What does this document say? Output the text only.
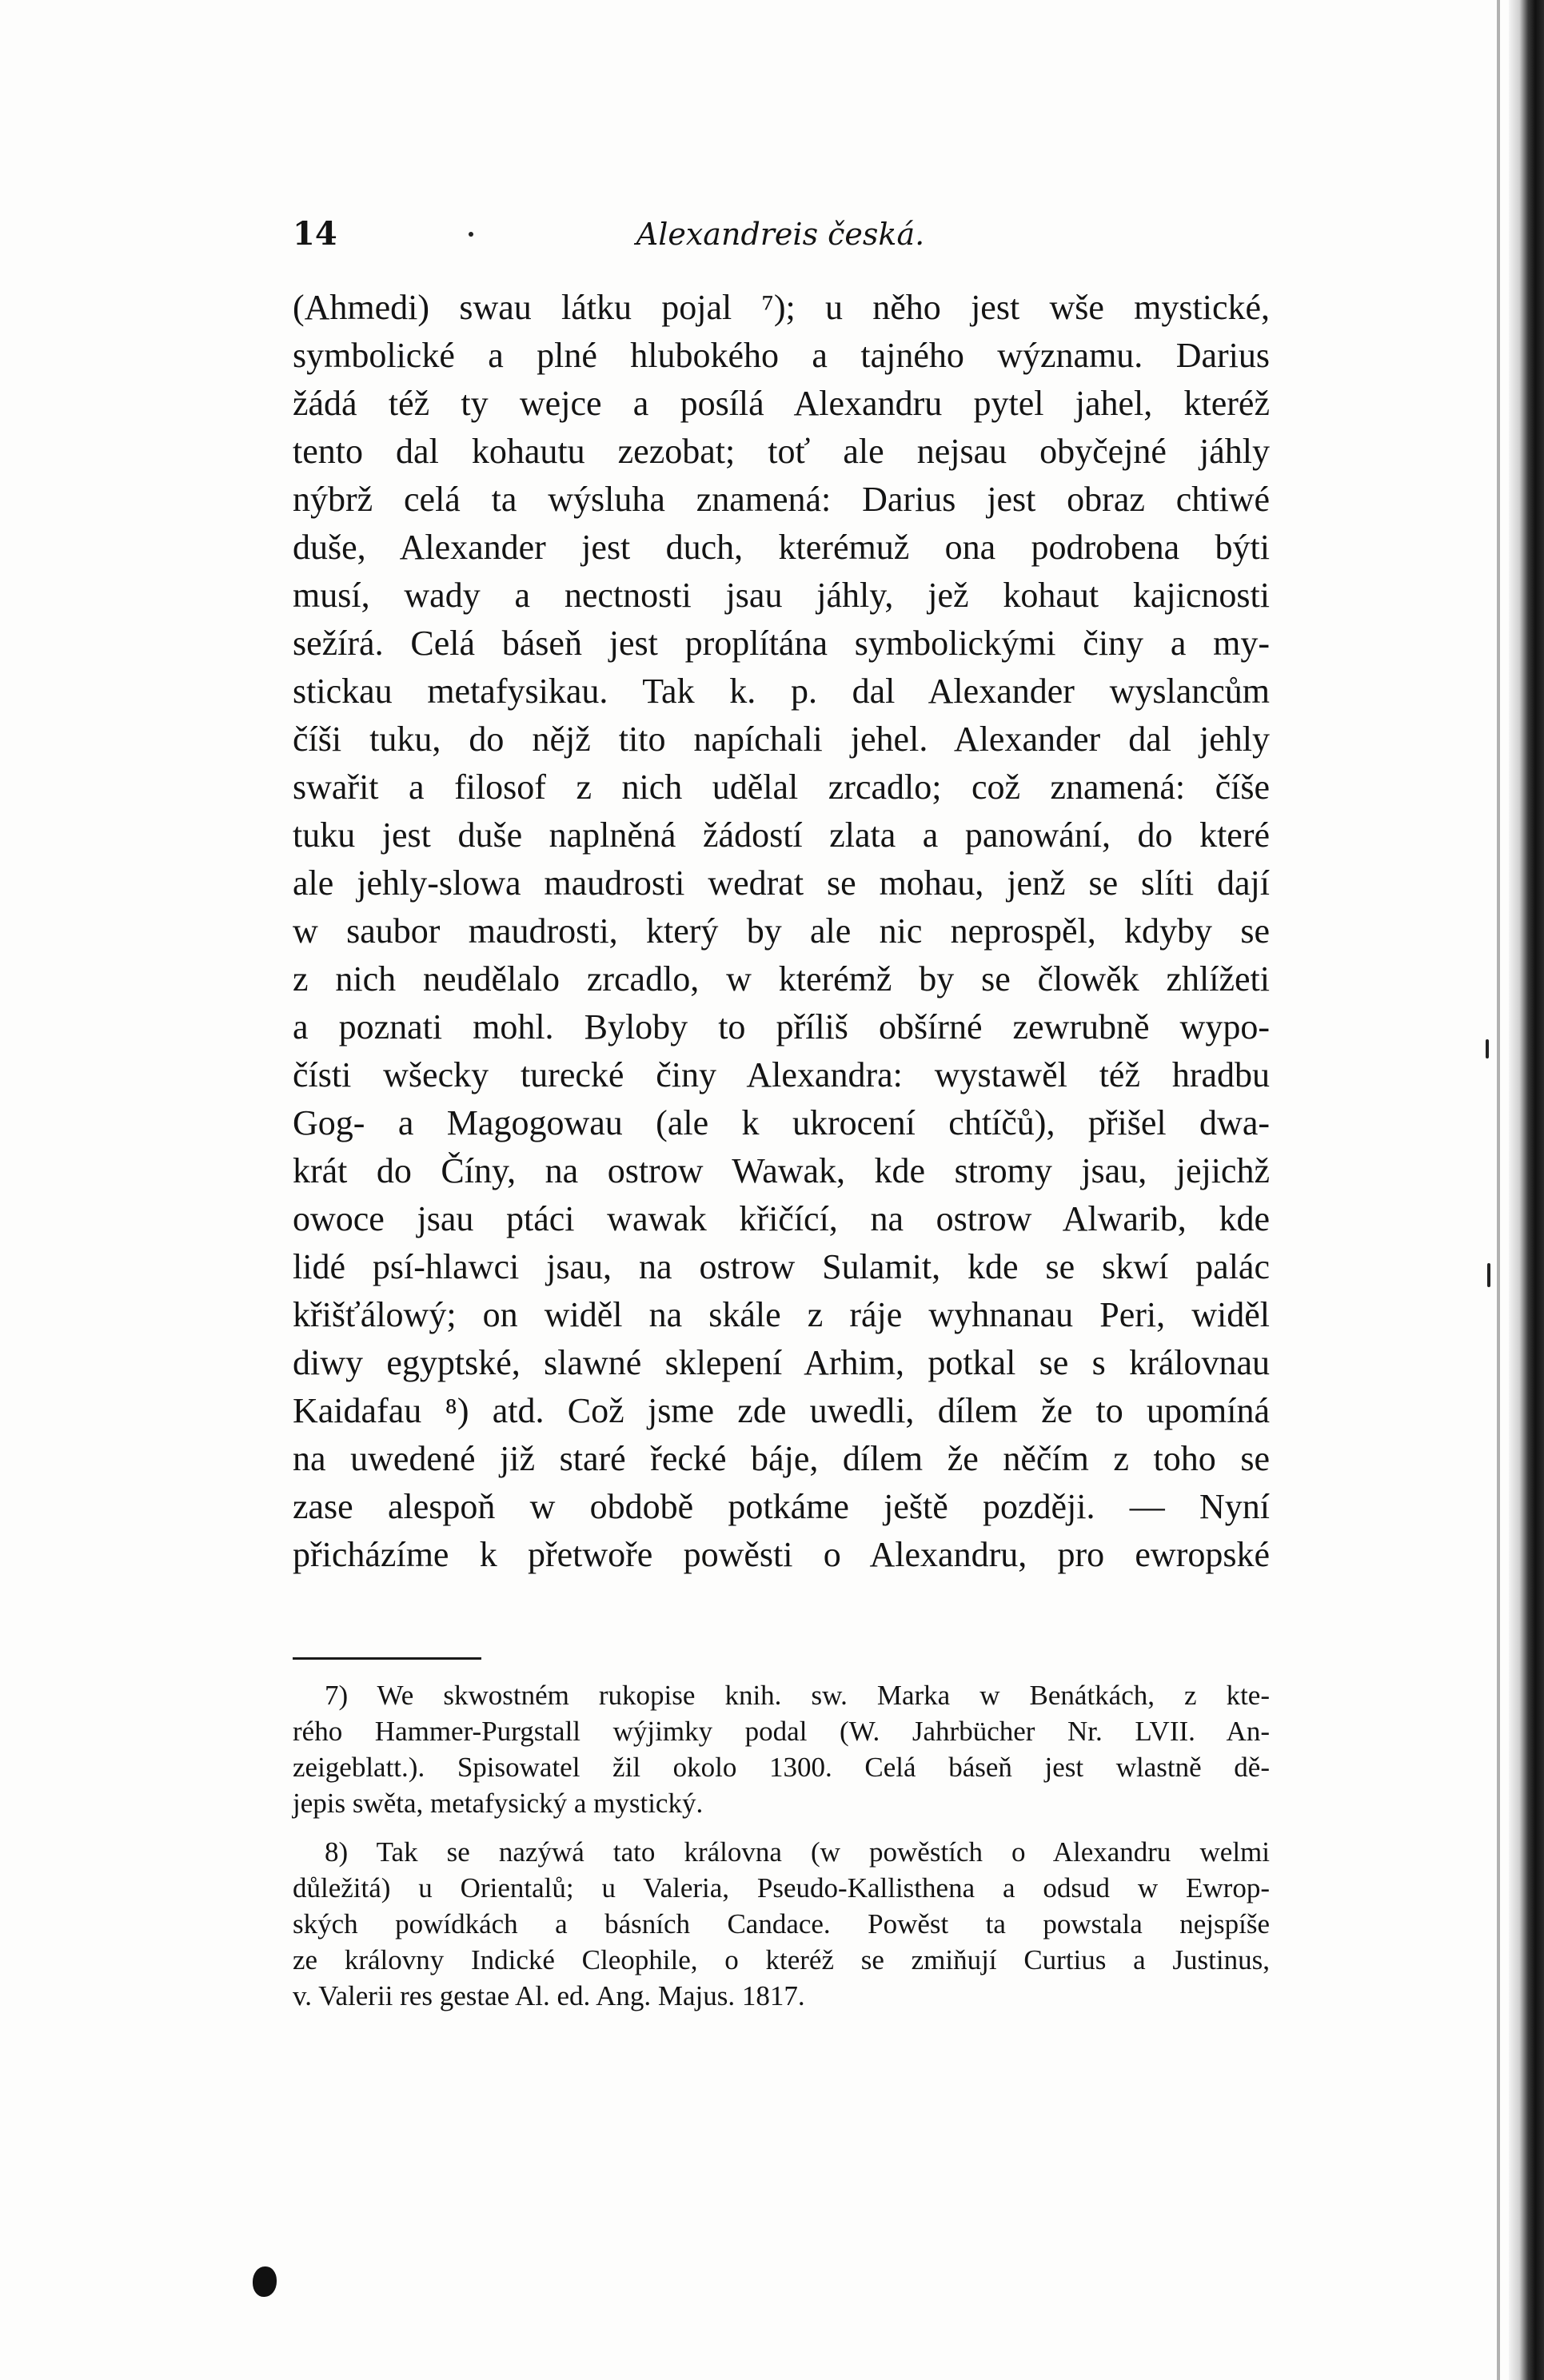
14	Alexandreis česká.
(Ahmedi) swau látku pojal ⁷); u něho jest wše mystické,
symbolické a plné hlubokého a tajného wýznamu. Darius
žádá též ty wejce a posílá Alexandru pytel jahel, kteréž
tento dal kohautu zezobat; toť ale nejsau obyčejné jáhly
nýbrž celá ta wýsluha znamená: Darius jest obraz chtiwé
duše, Alexander jest duch, kterémuž ona podrobena býti
musí, wady a nectnosti jsau jáhly, jež kohaut kajicnosti
sežírá. Celá báseň jest proplítána symbolickými činy a my-
stickau metafysikau. Tak k. p. dal Alexander wyslancům
číši tuku, do nějž tito napíchali jehel. Alexander dal jehly
swařit a filosof z nich udělal zrcadlo; což znamená: číše
tuku jest duše naplněná žádostí zlata a panowání, do které
ale jehly-slowa maudrosti wedrat se mohau, jenž se slíti dají
w saubor maudrosti, který by ale nic neprospěl, kdyby se
z nich neudělalo zrcadlo, w kterémž by se člowěk zhlížeti
a poznati mohl. Byloby to příliš obšírné zewrubně wypo-
čísti wšecky turecké činy Alexandra: wystawěl též hradbu
Gog- a Magogowau (ale k ukrocení chtíčů), přišel dwa-
krát do Číny, na ostrow Wawak, kde stromy jsau, jejichž
owoce jsau ptáci wawak křičící, na ostrow Alwarib, kde
lidé psí-hlawci jsau, na ostrow Sulamit, kde se skwí palác
křišťálowý; on widěl na skále z ráje wyhnanau Peri, widěl
diwy egyptské, slawné sklepení Arhim, potkal se s královnau
Kaidafau ⁸) atd. Což jsme zde uwedli, dílem že to upomíná
na uwedené již staré řecké báje, dílem že něčím z toho se
zase alespoň w obdobě potkáme ještě později. — Nyní
přicházíme k přetwoře powěsti o Alexandru, pro ewropské
7) We skwostném rukopise knih. sw. Marka w Benátkách, z kte-
rého Hammer-Purgstall wýjimky podal (W. Jahrbücher Nr. LVII. An-
zeigeblatt.). Spisowatel žil okolo 1300. Celá báseň jest wlastně dě-
jepis swěta, metafysický a mystický.
8) Tak se nazýwá tato královna (w powěstích o Alexandru welmi
důležitá) u Orientalů; u Valeria, Pseudo-Kallisthena a odsud w Ewrop-
ských powídkách a básních Candace. Powěst ta powstala nejspíše
ze královny Indické Cleophile, o kteréž se zmiňují Curtius a Justinus,
v. Valerii res gestae Al. ed. Ang. Majus. 1817.
